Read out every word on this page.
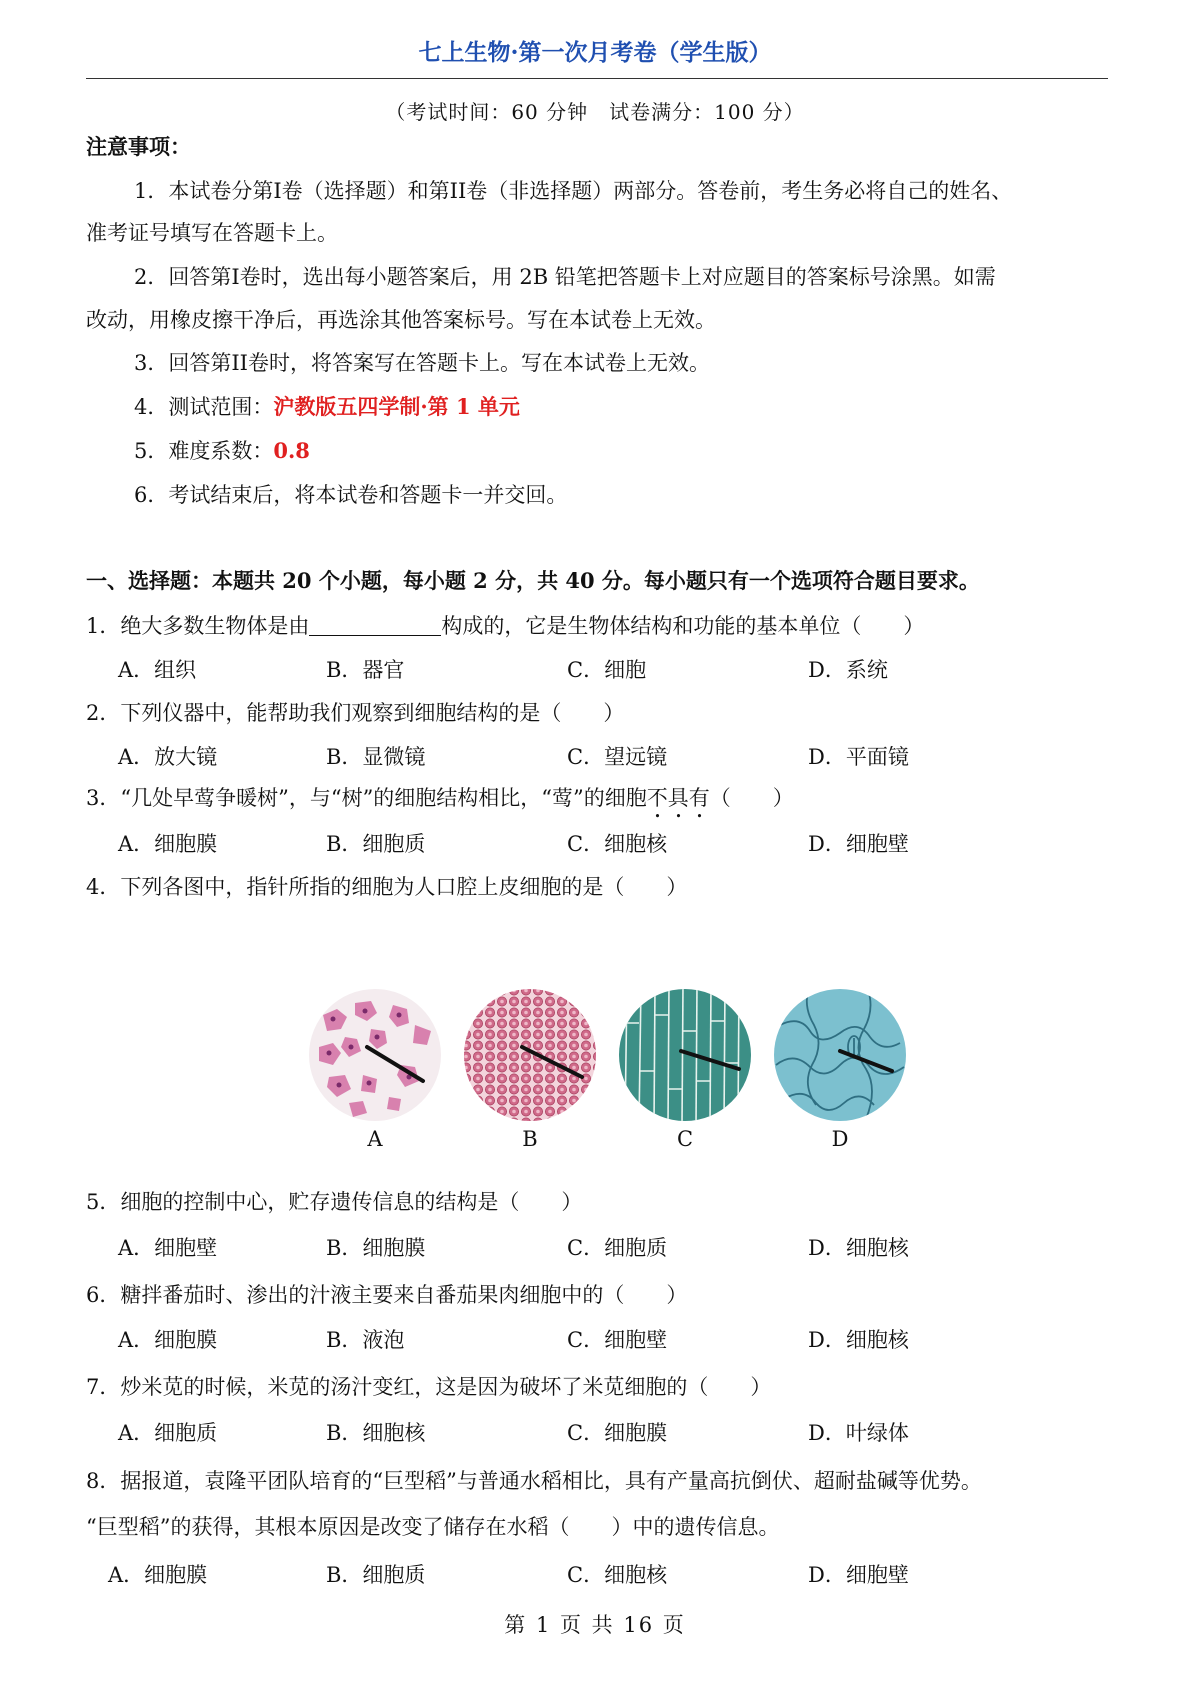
七上生物·第一次月考卷（学生版）
（考试时间：60 分钟　试卷满分：100 分）
注意事项：
1．本试卷分第I卷（选择题）和第II卷（非选择题）两部分。答卷前，考生务必将自己的姓名、
准考证号填写在答题卡上。
2．回答第I卷时，选出每小题答案后，用 2B 铅笔把答题卡上对应题目的答案标号涂黑。如需
改动，用橡皮擦干净后，再选涂其他答案标号。写在本试卷上无效。
3．回答第II卷时，将答案写在答题卡上。写在本试卷上无效。
4．测试范围：沪教版五四学制·第 1 单元
5．难度系数：0.8
6．考试结束后，将本试卷和答题卡一并交回。
一、选择题：本题共 20 个小题，每小题 2 分，共 40 分。每小题只有一个选项符合题目要求。
1．绝大多数生物体是由	构成的，它是生物体结构和功能的基本单位（　　）
A．组织	B．器官	C．细胞	D．系统
2．下列仪器中，能帮助我们观察到细胞结构的是（　　）
A．放大镜	B．显微镜	C．望远镜	D．平面镜
3．“几处早莺争暖树”，与“树”的细胞结构相比，“莺”的细胞不具有（　　）
A．细胞膜	B．细胞质	C．细胞核	D．细胞壁
4．下列各图中，指针所指的细胞为人口腔上皮细胞的是（　　）
A	B	C	D
5．细胞的控制中心，贮存遗传信息的结构是（　　）
A．细胞壁	B．细胞膜	C．细胞质	D．细胞核
6．糖拌番茄时、渗出的汁液主要来自番茄果肉细胞中的（　　）
A．细胞膜	B．液泡	C．细胞壁	D．细胞核
7．炒米苋的时候，米苋的汤汁变红，这是因为破坏了米苋细胞的（　　）
A．细胞质	B．细胞核	C．细胞膜	D．叶绿体
8．据报道，袁隆平团队培育的“巨型稻”与普通水稻相比，具有产量高抗倒伏、超耐盐碱等优势。
“巨型稻”的获得，其根本原因是改变了储存在水稻（　　）中的遗传信息。
A．细胞膜	B．细胞质	C．细胞核	D．细胞壁
第 1 页 共 16 页
